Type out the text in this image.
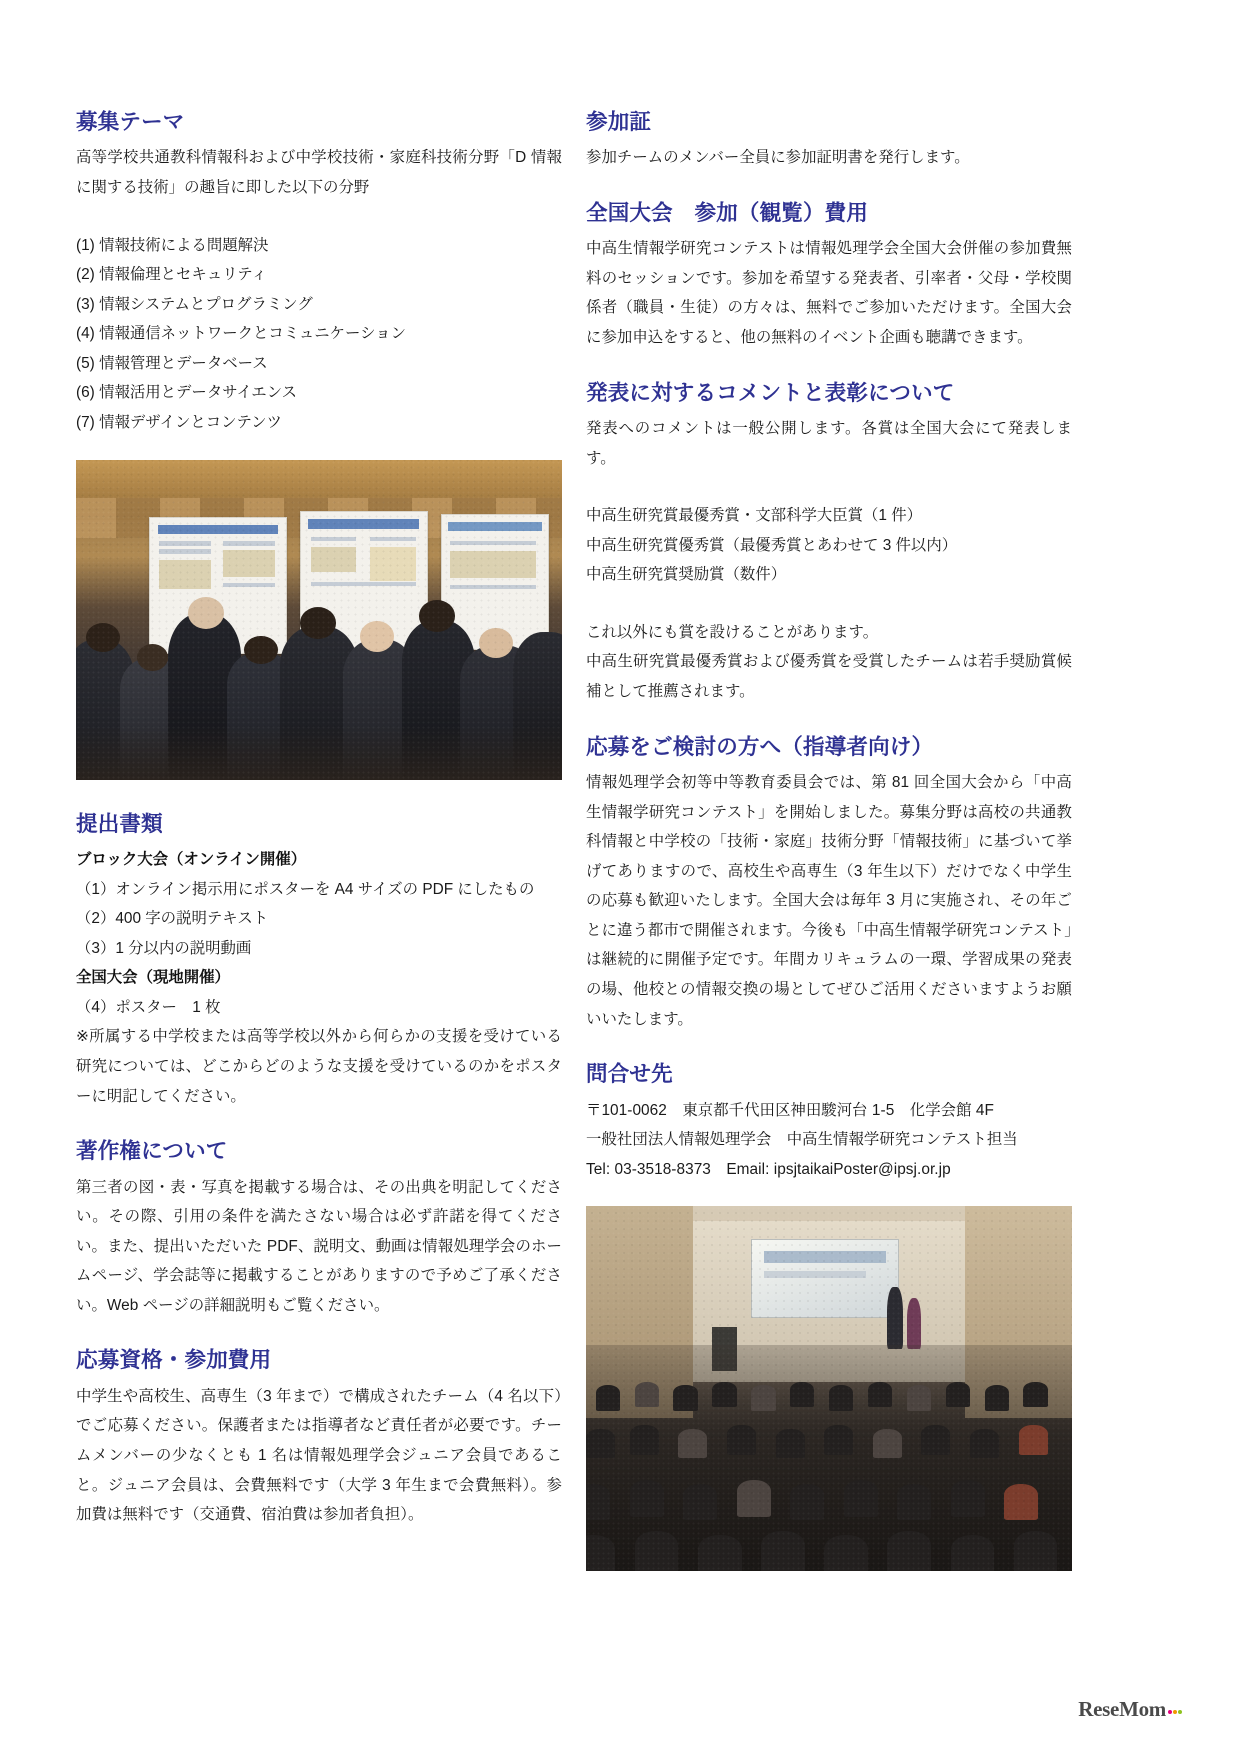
募集テーマ

高等学校共通教科情報科および中学校技術・家庭科技術分野「D 情報に関する技術」の趣旨に即した以下の分野

(1) 情報技術による問題解決
(2) 情報倫理とセキュリティ
(3) 情報システムとプログラミング
(4) 情報通信ネットワークとコミュニケーション
(5) 情報管理とデータベース
(6) 情報活用とデータサイエンス
(7) 情報デザインとコンテンツ
提出書類

ブロック大会（オンライン開催）

（1）オンライン掲示用にポスターを A4 サイズの PDF にしたもの
（2）400 字の説明テキスト
（3）1 分以内の説明動画

全国大会（現地開催）

（4）ポスター　1 枚

※所属する中学校または高等学校以外から何らかの支援を受けている研究については、どこからどのような支援を受けているのかをポスターに明記してください。

著作権について

第三者の図・表・写真を掲載する場合は、その出典を明記してください。その際、引用の条件を満たさない場合は必ず許諾を得てください。また、提出いただいた PDF、説明文、動画は情報処理学会のホームページ、学会誌等に掲載することがありますので予めご了承ください。Web ページの詳細説明もご覧ください。

応募資格・参加費用

中学生や高校生、高専生（3 年まで）で構成されたチーム（4 名以下）でご応募ください。保護者または指導者など責任者が必要です。チームメンバーの少なくとも 1 名は情報処理学会ジュニア会員であること。ジュニア会員は、会費無料です（大学 3 年生まで会費無料）。参加費は無料です（交通費、宿泊費は参加者負担）。

参加証

参加チームのメンバー全員に参加証明書を発行します。

全国大会　参加（観覧）費用

中高生情報学研究コンテストは情報処理学会全国大会併催の参加費無料のセッションです。参加を希望する発表者、引率者・父母・学校関係者（職員・生徒）の方々は、無料でご参加いただけます。全国大会に参加申込をすると、他の無料のイベント企画も聴講できます。

発表に対するコメントと表彰について

発表へのコメントは一般公開します。各賞は全国大会にて発表します。

中高生研究賞最優秀賞・文部科学大臣賞（1 件）
中高生研究賞優秀賞（最優秀賞とあわせて 3 件以内）
中高生研究賞奨励賞（数件）

これ以外にも賞を設けることがあります。

中高生研究賞最優秀賞および優秀賞を受賞したチームは若手奨励賞候補として推薦されます。

応募をご検討の方へ（指導者向け）

情報処理学会初等中等教育委員会では、第 81 回全国大会から「中高生情報学研究コンテスト」を開始しました。募集分野は高校の共通教科情報と中学校の「技術・家庭」技術分野「情報技術」に基づいて挙げてありますので、高校生や高専生（3 年生以下）だけでなく中学生の応募も歓迎いたします。全国大会は毎年 3 月に実施され、その年ごとに違う都市で開催されます。今後も「中高生情報学研究コンテスト」は継続的に開催予定です。年間カリキュラムの一環、学習成果の発表の場、他校との情報交換の場としてぜひご活用くださいますようお願いいたします。

問合せ先

〒101-0062　東京都千代田区神田駿河台 1-5　化学会館 4F

一般社団法人情報処理学会　中高生情報学研究コンテスト担当

Tel: 03-3518-8373　Email: ipsjtaikaiPoster@ipsj.or.jp

ReseMom
